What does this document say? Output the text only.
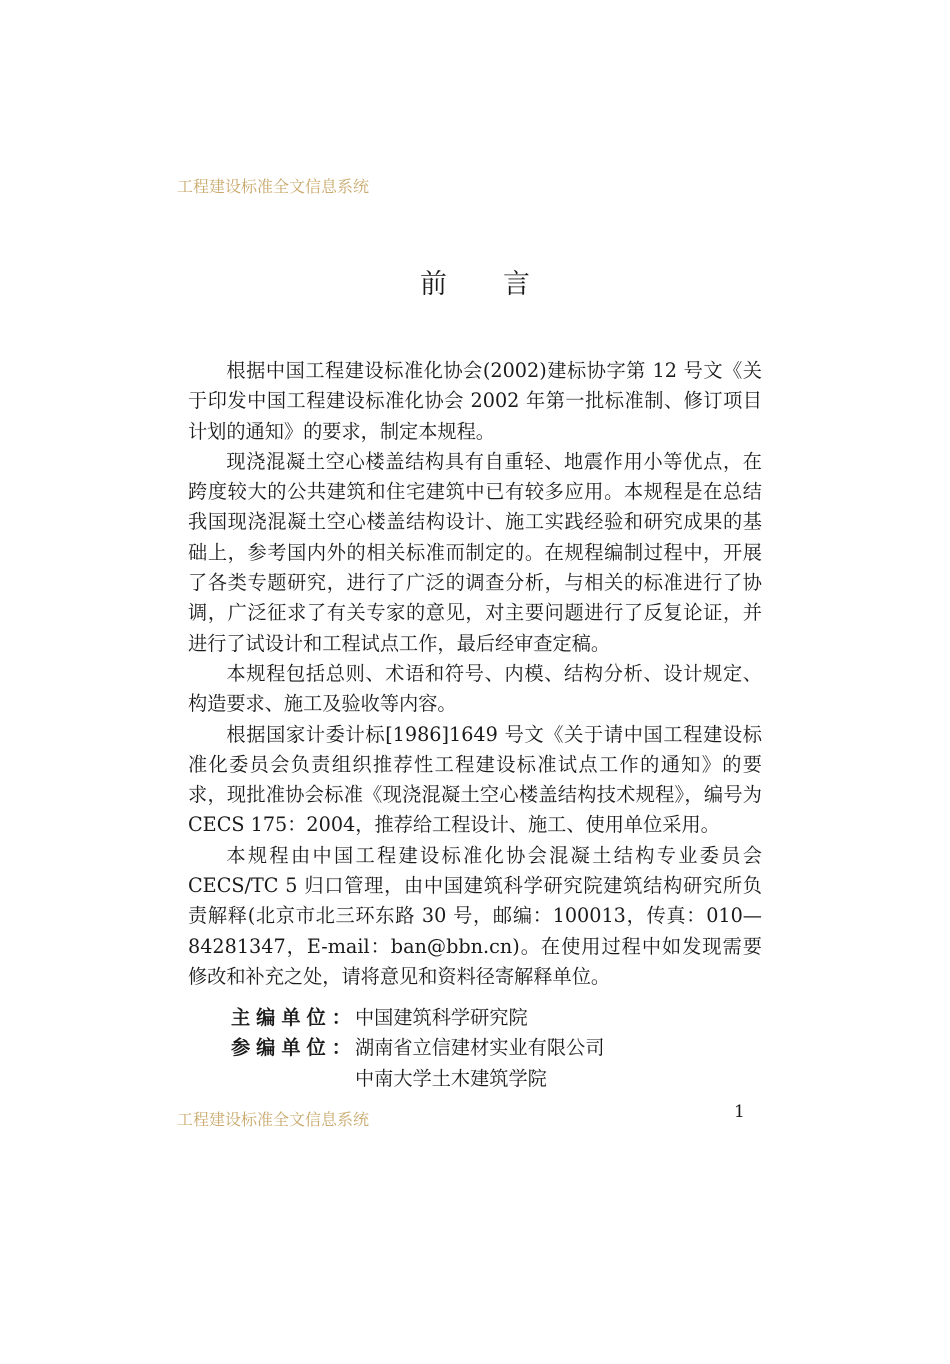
工程建设标准全文信息系统
前 言

根据中国工程建设标准化协会(2002)建标协字第 12 号文《关于印发中国工程建设标准化协会 2002 年第一批标准制、修订项目计划的通知》的要求，制定本规程。

现浇混凝土空心楼盖结构具有自重轻、地震作用小等优点，在跨度较大的公共建筑和住宅建筑中已有较多应用。本规程是在总结我国现浇混凝土空心楼盖结构设计、施工实践经验和研究成果的基础上，参考国内外的相关标准而制定的。在规程编制过程中，开展了各类专题研究，进行了广泛的调查分析，与相关的标准进行了协调，广泛征求了有关专家的意见，对主要问题进行了反复论证，并进行了试设计和工程试点工作，最后经审查定稿。

本规程包括总则、术语和符号、内模、结构分析、设计规定、构造要求、施工及验收等内容。

根据国家计委计标[1986]1649 号文《关于请中国工程建设标准化委员会负责组织推荐性工程建设标准试点工作的通知》的要求，现批准协会标准《现浇混凝土空心楼盖结构技术规程》，编号为 CECS 175：2004，推荐给工程设计、施工、使用单位采用。

本规程由中国工程建设标准化协会混凝土结构专业委员会 CECS/TC 5 归口管理，由中国建筑科学研究院建筑结构研究所负责解释(北京市北三环东路 30 号，邮编：100013，传真：010—84281347，E-mail：ban@bbn.cn)。在使用过程中如发现需要修改和补充之处，请将意见和资料径寄解释单位。

主编单位：
中国建筑科学研究院
参编单位：
湖南省立信建材实业有限公司
中南大学土木建筑学院
工程建设标准全文信息系统	1
